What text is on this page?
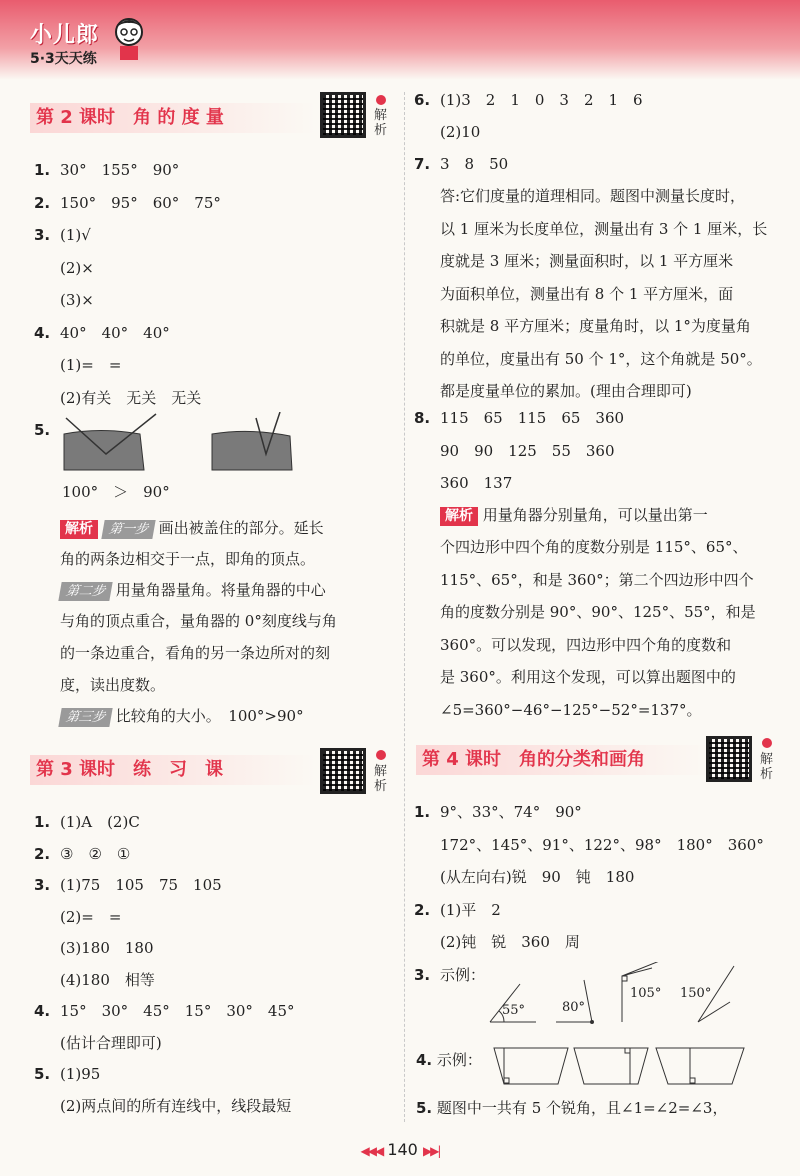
小儿郎
5·3天天练
第 2 课时　角 的 度 量	解析
1. 30°　155°　90°
2. 150°　95°　60°　75°
3. (1)√
(2)×
(3)×
4. 40°　40°　40°
(1)=　=
(2)有关　无关　无关
5.
100°　＞　90°
解析 第一步 画出被盖住的部分。延长
角的两条边相交于一点，即角的顶点。
第二步 用量角器量角。将量角器的中心
与角的顶点重合，量角器的 0°刻度线与角
的一条边重合，看角的另一条边所对的刻
度，读出度数。
第三步 比较角的大小。　100°>90°
第 3 课时　练　习　课	解析
1. (1)A　(2)C
2. ③　②　①
3. (1)75　105　75　105
(2)=　=
(3)180　180
(4)180　相等
4. 15°　30°　45°　15°　30°　45°
(估计合理即可)
5. (1)95
(2)两点间的所有连线中，线段最短
6. (1)3　2　1　0　3　2　1　6
(2)10
7. 3　8　50
答:它们度量的道理相同。题图中测量长度时，
以 1 厘米为长度单位，测量出有 3 个 1 厘米，长
度就是 3 厘米；测量面积时，以 1 平方厘米
为面积单位，测量出有 8 个 1 平方厘米，面
积就是 8 平方厘米；度量角时，以 1°为度量角
的单位，度量出有 50 个 1°，这个角就是 50°。
都是度量单位的累加。(理由合理即可)
8. 115　65　115　65　360
90　90　125　55　360
360　137
解析 用量角器分别量角，可以量出第一
个四边形中四个角的度数分别是 115°、65°、
115°、65°，和是 360°；第二个四边形中四个
角的度数分别是 90°、90°、125°、55°，和是
360°。可以发现，四边形中四个角的度数和
是 360°。利用这个发现，可以算出题图中的
∠5=360°−46°−125°−52°=137°。
第 4 课时　角的分类和画角	解析
1. 9°、33°、74°　90°
172°、145°、91°、122°、98°　180°　360°
(从左向右)锐　90　钝　180
2. (1)平　2
(2)钝　锐　360　周
3. 示例：
55°	80°
105° 150°
4. 示例：
5. 题图中一共有 5 个锐角，且∠1=∠2=∠3，
◀◀◀ 140 ▶▶|
